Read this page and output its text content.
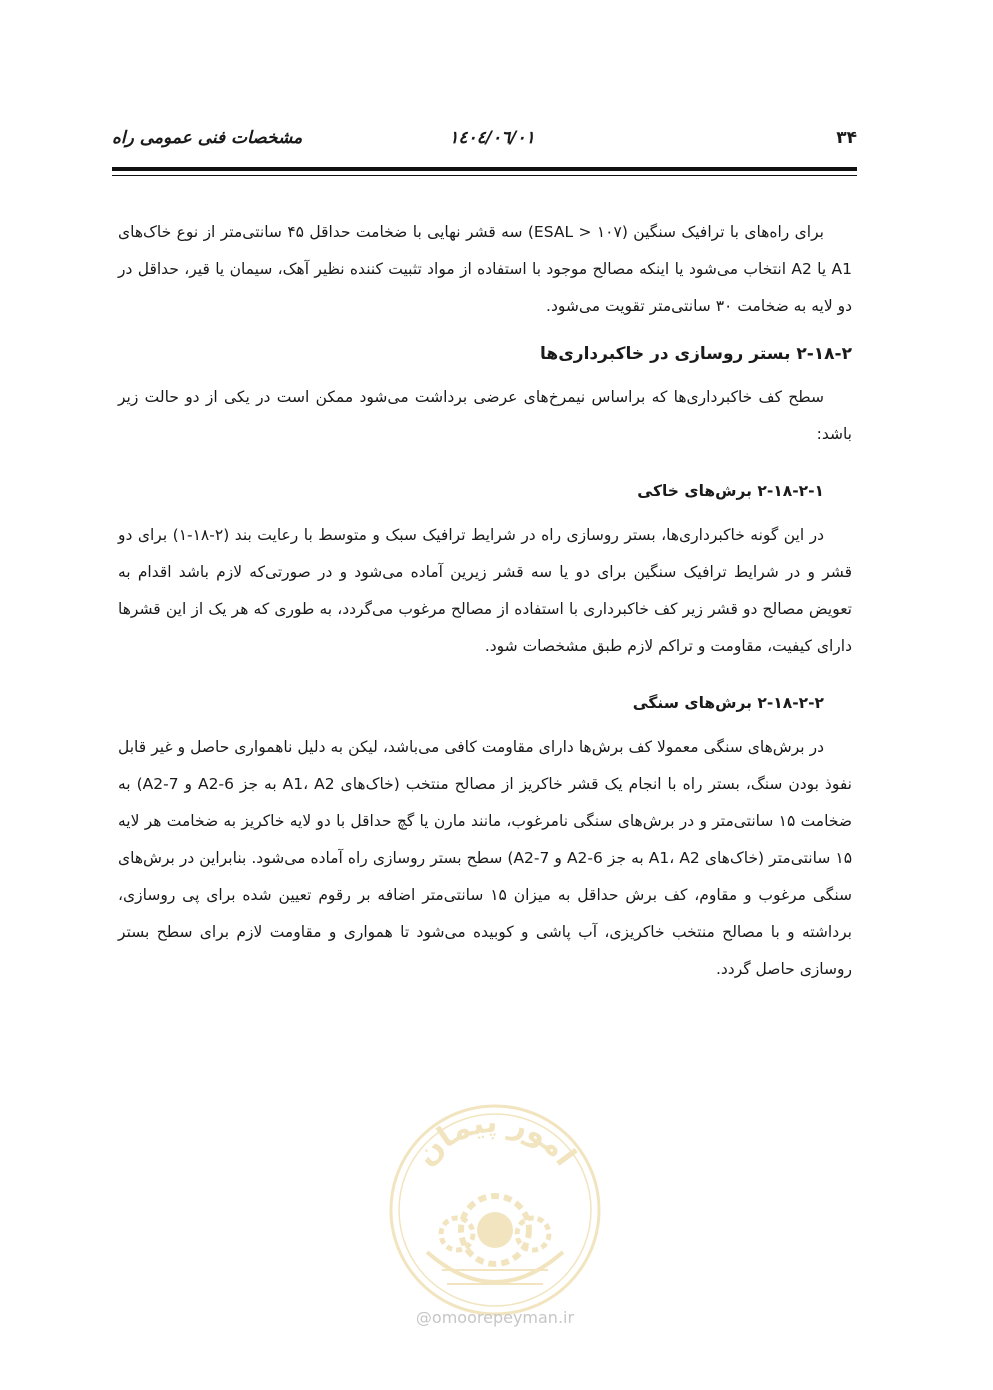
۳۴
۱٤٠٤/٠٦/٠١
مشخصات فنی عمومی راه

برای راه‌های با ترافیک سنگین (ESAL > ۱۰۷) سه قشر نهایی با ضخامت حداقل ۴۵ سانتی‌متر از نوع خاک‌های A1 یا A2 انتخاب می‌شود یا اینکه مصالح موجود با استفاده از مواد تثبیت کننده نظیر آهک، سیمان یا قیر، حداقل در دو لایه به ضخامت ۳۰ سانتی‌متر تقویت می‌شود.

۲-۱۸-۲ بستر روسازی در خاکبرداری‌ها

سطح کف خاکبرداری‌ها که براساس نیمرخ‌های عرضی برداشت می‌شود ممکن است در یکی از دو حالت زیر باشد:

۲-۱۸-۲-۱ برش‌های خاکی

در این گونه خاکبرداری‌ها، بستر روسازی راه در شرایط ترافیک سبک و متوسط با رعایت بند (۲-۱۸-۱) برای دو قشر و در شرایط ترافیک سنگین برای دو یا سه قشر زیرین آماده می‌شود و در صورتی‌که لازم باشد اقدام به تعویض مصالح دو قشر زیر کف خاکبرداری با استفاده از مصالح مرغوب می‌گردد، به طوری که هر یک از این قشرها دارای کیفیت، مقاومت و تراکم لازم طبق مشخصات شود.

۲-۱۸-۲-۲ برش‌های سنگی

در برش‌های سنگی معمولا کف برش‌ها دارای مقاومت کافی می‌باشد، لیکن به دلیل ناهمواری حاصل و غیر قابل نفوذ بودن سنگ، بستر راه با انجام یک قشر خاکریز از مصالح منتخب (خاک‌های A1، A2 به جز A2-6 و A2-7) به ضخامت ۱۵ سانتی‌متر و در برش‌های سنگی نامرغوب، مانند مارن یا گچ حداقل با دو لایه خاکریز به ضخامت هر لایه ۱۵ سانتی‌متر (خاک‌های A1، A2 به جز A2-6 و A2-7) سطح بستر روسازی راه آماده می‌شود. بنابراین در برش‌های سنگی مرغوب و مقاوم، کف برش حداقل به میزان ۱۵ سانتی‌متر اضافه بر رقوم تعیین شده برای پی روسازی، برداشته و با مصالح منتخب خاکریزی، آب پاشی و کوبیده می‌شود تا همواری و مقاومت لازم برای سطح بستر روسازی حاصل گردد.

امور پیمان
@omoorepeyman.ir
